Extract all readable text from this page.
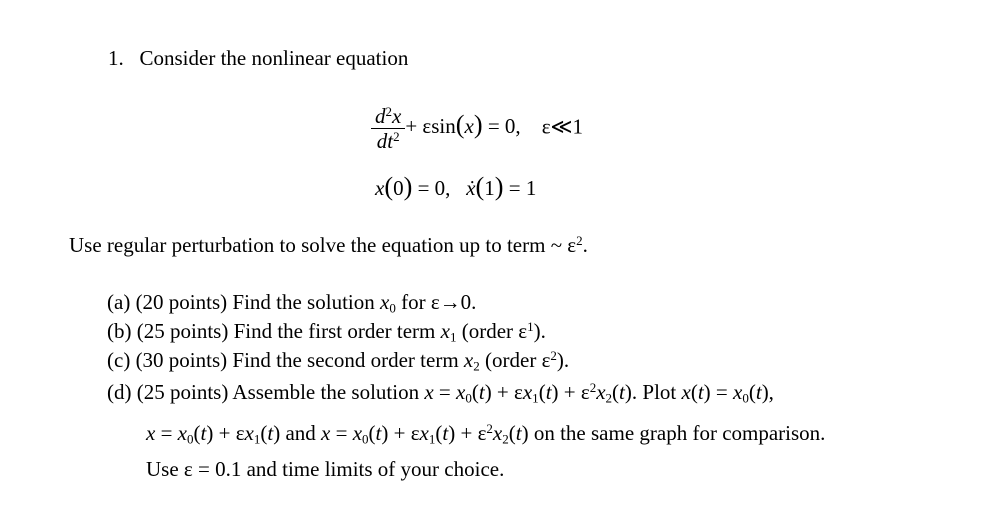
1. Consider the nonlinear equation
$\frac{d^2x}{dt^2} + \varepsilon\sin(x) = 0$, ε≪1
x(0) = 0,   ẋ(1) = 1
Use regular perturbation to solve the equation up to term ~ $\varepsilon^2$.
(a) (20 points) Find the solution $x_0$ for ε→0.
(b) (25 points) Find the first order term $x_1$ (order $\varepsilon^1$).
(c) (30 points) Find the second order term $x_2$ (order $\varepsilon^2$).
(d) (25 points) Assemble the solution $x = x_0(t) + \varepsilon x_1(t) + \varepsilon^2x_2(t)$. Plot $x(t) = x_0(t)$,
$x = x_0(t) + \varepsilon x_1(t)$ and $x = x_0(t) + \varepsilon x_1(t) + \varepsilon^2x_2(t)$ on the same graph for comparison.
Use ε = 0.1 and time limits of your choice.
